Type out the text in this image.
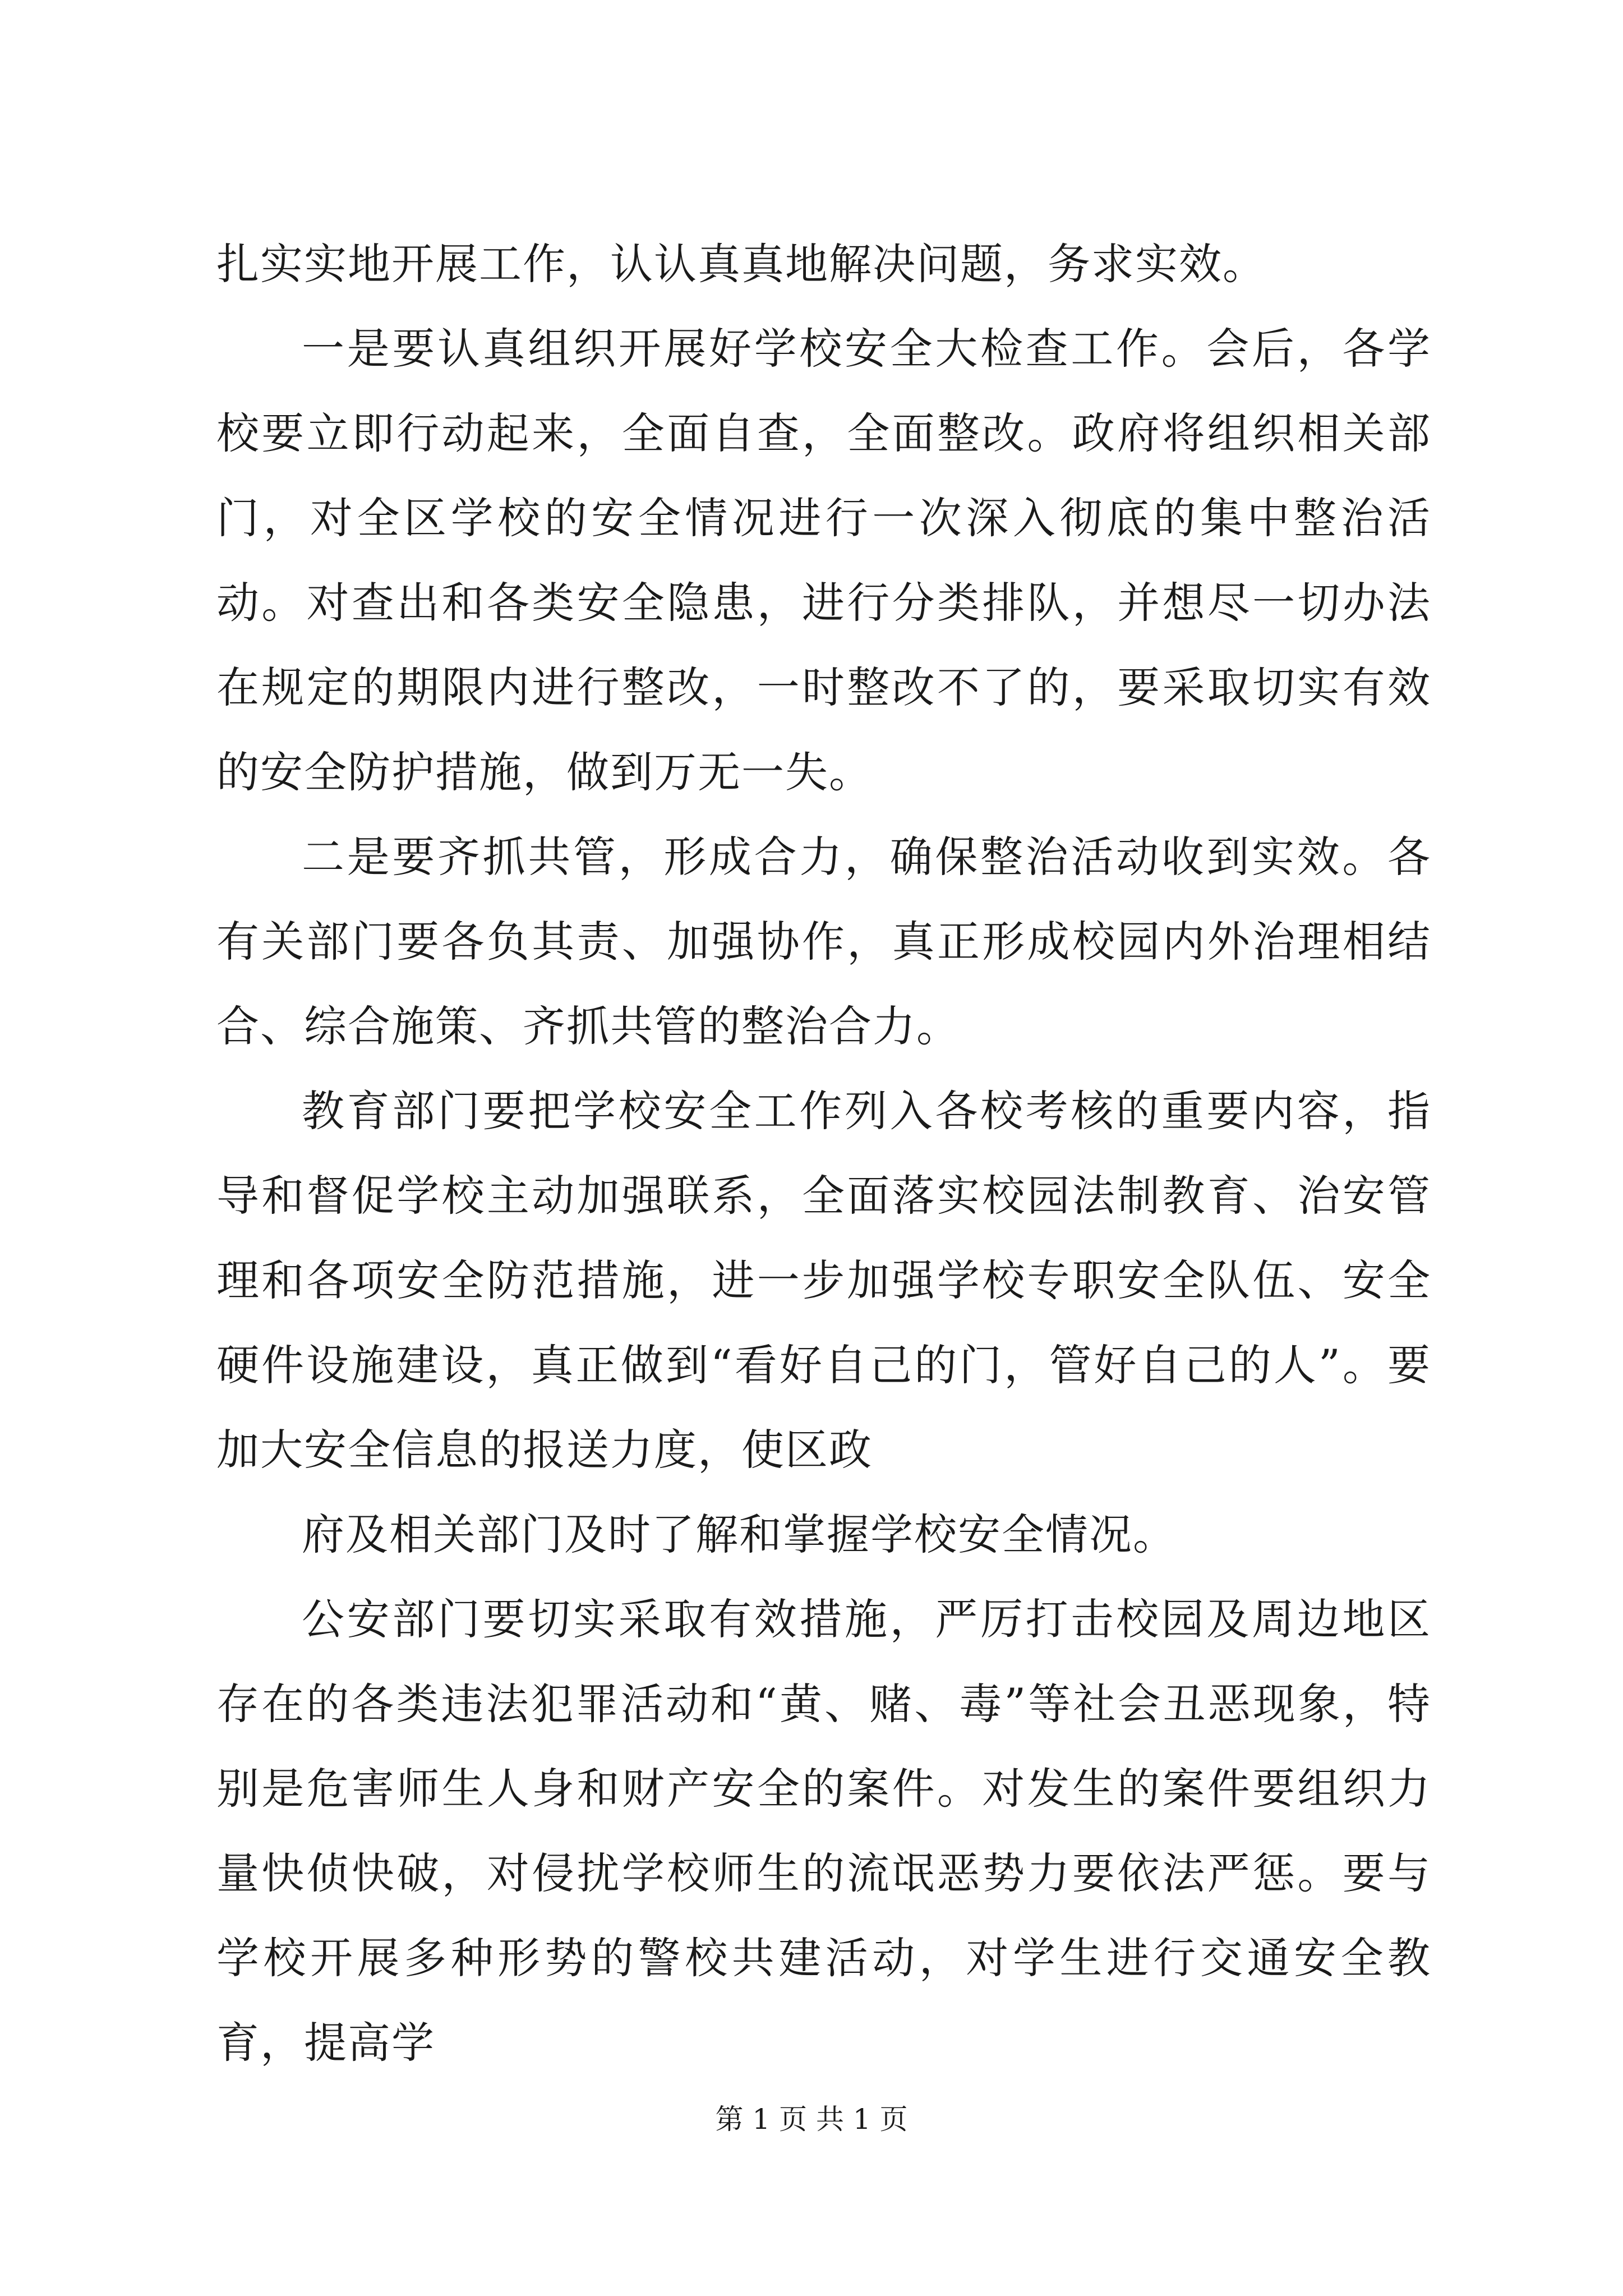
扎实实地开展工作，认认真真地解决问题，务求实效。

一是要认真组织开展好学校安全大检查工作。会后，各学校要立即行动起来，全面自查，全面整改。政府将组织相关部门，对全区学校的安全情况进行一次深入彻底的集中整治活动。对查出和各类安全隐患，进行分类排队，并想尽一切办法在规定的期限内进行整改，一时整改不了的，要采取切实有效的安全防护措施，做到万无一失。

二是要齐抓共管，形成合力，确保整治活动收到实效。各有关部门要各负其责、加强协作，真正形成校园内外治理相结合、综合施策、齐抓共管的整治合力。

教育部门要把学校安全工作列入各校考核的重要内容，指导和督促学校主动加强联系，全面落实校园法制教育、治安管理和各项安全防范措施，进一步加强学校专职安全队伍、安全硬件设施建设，真正做到“看好自己的门，管好自己的人”。要加大安全信息的报送力度，使区政

府及相关部门及时了解和掌握学校安全情况。

公安部门要切实采取有效措施，严厉打击校园及周边地区存在的各类违法犯罪活动和“黄、赌、毒”等社会丑恶现象，特别是危害师生人身和财产安全的案件。对发生的案件要组织力量快侦快破，对侵扰学校师生的流氓恶势力要依法严惩。要与学校开展多种形势的警校共建活动，对学生进行交通安全教育，提高学

第 1 页 共 1 页
